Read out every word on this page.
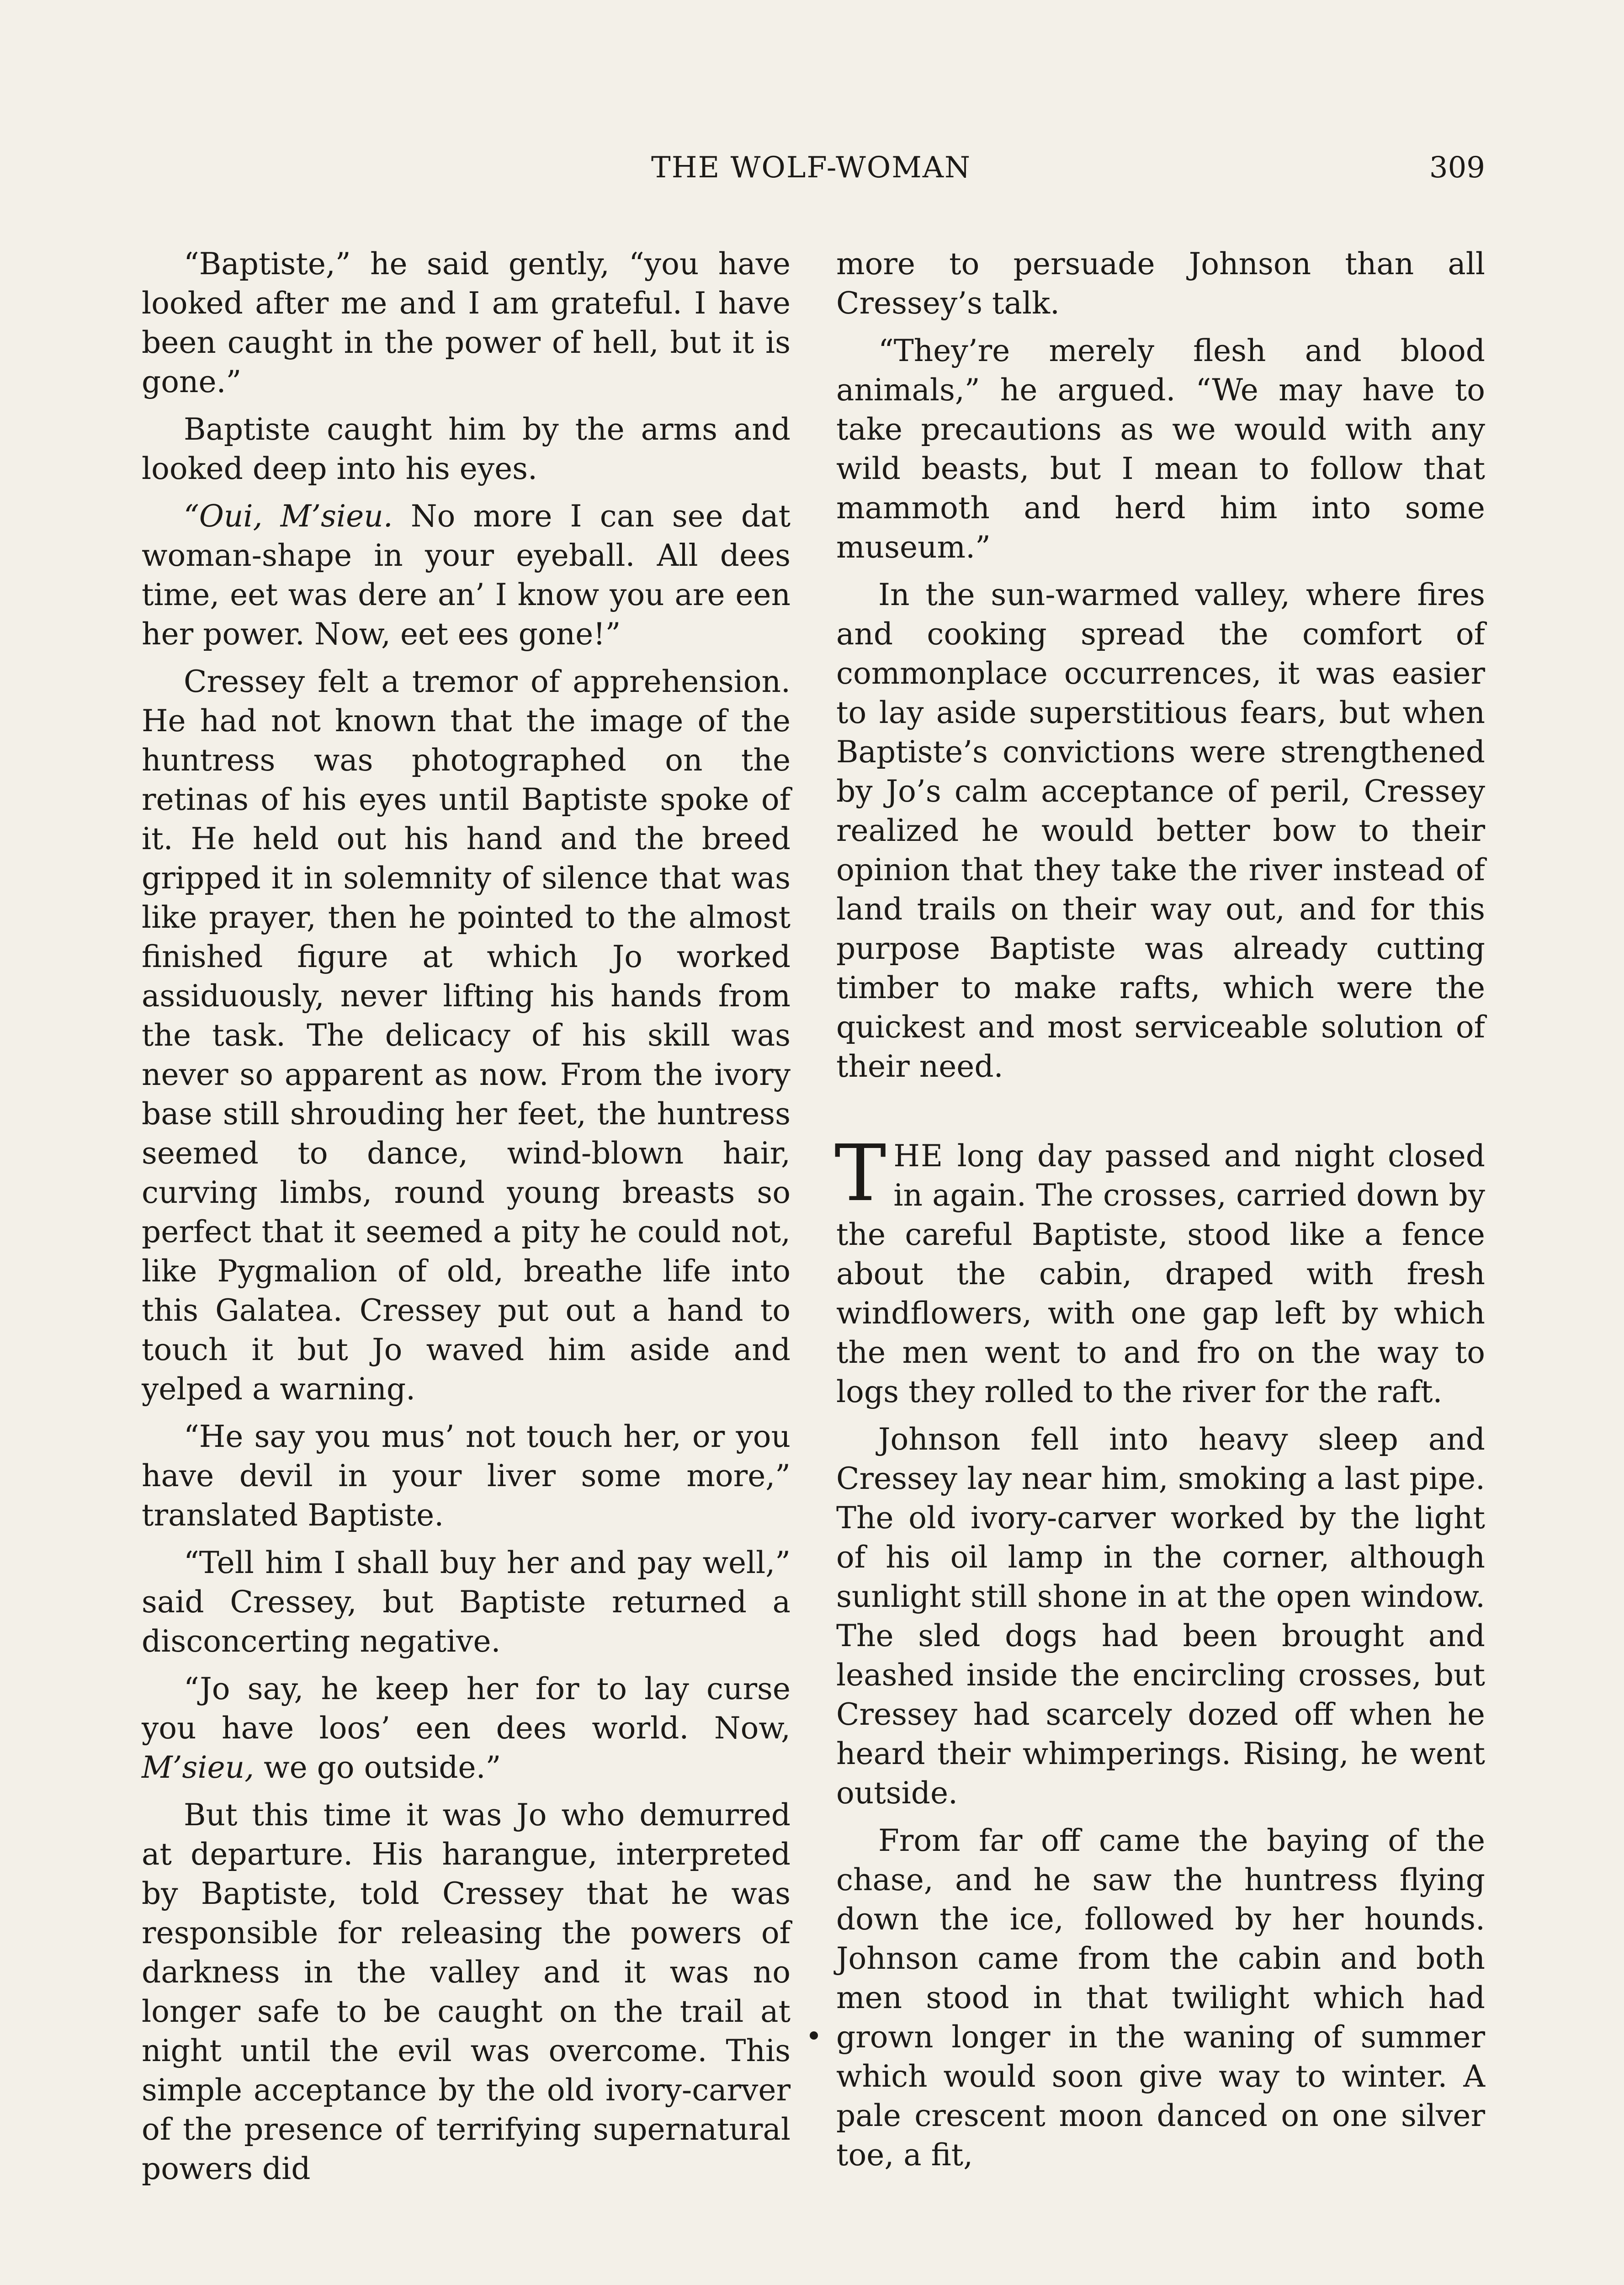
THE WOLF-WOMAN	309

“Baptiste,” he said gently, “you have looked after me and I am grateful. I have been caught in the power of hell, but it is gone.”

Baptiste caught him by the arms and looked deep into his eyes.

“Oui, M’sieu. No more I can see dat woman-shape in your eyeball. All dees time, eet was dere an’ I know you are een her power. Now, eet ees gone!”

Cressey felt a tremor of apprehension. He had not known that the image of the huntress was photographed on the retinas of his eyes until Baptiste spoke of it. He held out his hand and the breed gripped it in solemnity of silence that was like prayer, then he pointed to the almost finished figure at which Jo worked assiduously, never lifting his hands from the task. The delicacy of his skill was never so apparent as now. From the ivory base still shrouding her feet, the huntress seemed to dance, wind-blown hair, curving limbs, round young breasts so perfect that it seemed a pity he could not, like Pygmalion of old, breathe life into this Galatea. Cressey put out a hand to touch it but Jo waved him aside and yelped a warning.

“He say you mus’ not touch her, or you have devil in your liver some more,” translated Baptiste.

“Tell him I shall buy her and pay well,” said Cressey, but Baptiste returned a disconcerting negative.

“Jo say, he keep her for to lay curse you have loos’ een dees world. Now, M’sieu, we go outside.”

But this time it was Jo who demurred at departure. His harangue, interpreted by Baptiste, told Cressey that he was responsible for releasing the powers of darkness in the valley and it was no longer safe to be caught on the trail at night until the evil was overcome. This simple acceptance by the old ivory-carver of the presence of terrifying supernatural powers did

more to persuade Johnson than all Cressey’s talk.

“They’re merely flesh and blood animals,” he argued. “We may have to take precautions as we would with any wild beasts, but I mean to follow that mammoth and herd him into some museum.”

In the sun-warmed valley, where fires and cooking spread the comfort of commonplace occurrences, it was easier to lay aside superstitious fears, but when Baptiste’s convictions were strengthened by Jo’s calm acceptance of peril, Cressey realized he would better bow to their opinion that they take the river instead of land trails on their way out, and for this purpose Baptiste was already cutting timber to make rafts, which were the quickest and most serviceable solution of their need.

THE long day passed and night closed in again. The crosses, carried down by the careful Baptiste, stood like a fence about the cabin, draped with fresh windflowers, with one gap left by which the men went to and fro on the way to logs they rolled to the river for the raft.

Johnson fell into heavy sleep and Cressey lay near him, smoking a last pipe. The old ivory-carver worked by the light of his oil lamp in the corner, although sunlight still shone in at the open window. The sled dogs had been brought and leashed inside the encircling crosses, but Cressey had scarcely dozed off when he heard their whimperings. Rising, he went outside.

From far off came the baying of the chase, and he saw the huntress flying down the ice, followed by her hounds. Johnson came from the cabin and both men stood in that twilight which had grown longer in the waning of summer which would soon give way to winter. A pale crescent moon danced on one silver toe, a fit,
